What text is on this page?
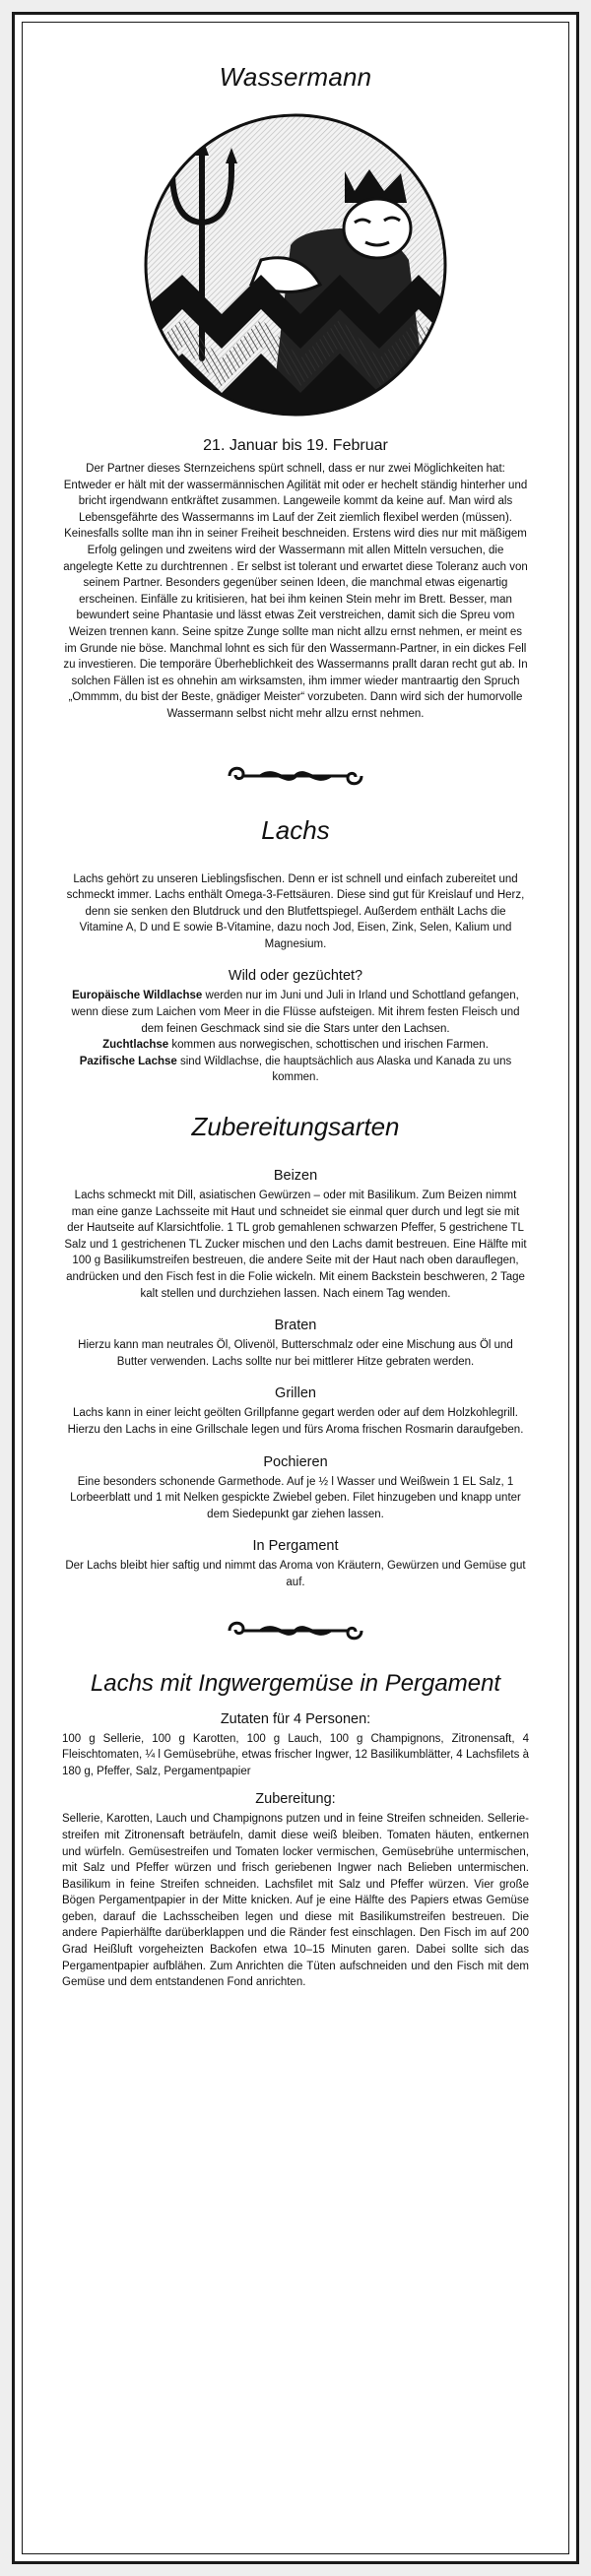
Wassermann
21. Januar bis 19. Februar

Der Partner dieses Sternzeichens spürt schnell, dass er nur zwei Möglichkeiten hat: Entweder er hält mit der wassermännischen Agilität mit oder er hechelt ständig hinterher und bricht irgendwann entkräftet zusammen. Langeweile kommt da keine auf. Man wird als Lebensgefährte des Wassermanns im Lauf der Zeit ziemlich flexibel werden (müssen). Keinesfalls sollte man ihn in seiner Freiheit beschneiden. Erstens wird dies nur mit mäßigem Erfolg gelingen und zweitens wird der Wassermann mit allen Mitteln versuchen, die angelegte Kette zu durchtrennen . Er selbst ist tolerant und erwartet diese Toleranz auch von seinem Partner. Besonders gegenüber seinen Ideen, die manchmal etwas eigenartig erscheinen. Einfälle zu kritisieren, hat bei ihm keinen Stein mehr im Brett. Besser, man bewundert seine Phantasie und lässt etwas Zeit verstreichen, damit sich die Spreu vom Weizen trennen kann. Seine spitze Zunge sollte man nicht allzu ernst nehmen, er meint es im Grunde nie böse. Manchmal lohnt es sich für den Wassermann-Partner, in ein dickes Fell zu investieren. Die temporäre Überheblichkeit des Wassermanns prallt daran recht gut ab. In solchen Fällen ist es ohnehin am wirksamsten, ihm immer wieder mantraartig den Spruch „Ommmm, du bist der Beste, gnädiger Meister“ vorzubeten. Dann wird sich der humorvolle Wassermann selbst nicht mehr allzu ernst nehmen.

Lachs

Lachs gehört zu unseren Lieblingsfischen. Denn er ist schnell und einfach zubereitet und schmeckt immer. Lachs enthält Omega-3-Fettsäuren. Diese sind gut für Kreislauf und Herz, denn sie senken den Blutdruck und den Blutfettspiegel. Außerdem enthält Lachs die Vitamine A, D und E sowie B-Vitamine, dazu noch Jod, Eisen, Zink, Selen, Kalium und Magnesium.

Wild oder gezüchtet?

Europäische Wildlachse werden nur im Juni und Juli in Irland und Schottland gefangen, wenn diese zum Laichen vom Meer in die Flüsse aufsteigen. Mit ihrem festen Fleisch und dem feinen Geschmack sind sie die Stars unter den Lachsen.

Zuchtlachse kommen aus norwegischen, schottischen und irischen Farmen.

Pazifische Lachse sind Wildlachse, die hauptsächlich aus Alaska und Kanada zu uns kommen.

Zubereitungsarten
Beizen

Lachs schmeckt mit Dill, asiatischen Gewürzen – oder mit Basilikum. Zum Beizen nimmt man eine ganze Lachsseite mit Haut und schneidet sie einmal quer durch und legt sie mit der Hautseite auf Klarsichtfolie. 1 TL grob gemahlenen schwarzen Pfeffer, 5 gestrichene TL Salz und 1 gestrichenen TL Zucker mischen und den Lachs damit bestreuen. Eine Hälfte mit 100 g Basilikumstreifen bestreuen, die andere Seite mit der Haut nach oben darauflegen, andrücken und den Fisch fest in die Folie wickeln. Mit einem Backstein beschweren, 2 Tage kalt stellen und durchziehen lassen. Nach einem Tag wenden.

Braten

Hierzu kann man neutrales Öl, Olivenöl, Butterschmalz oder eine Mischung aus Öl und Butter verwenden. Lachs sollte nur bei mittlerer Hitze gebraten werden.

Grillen

Lachs kann in einer leicht geölten Grillpfanne gegart werden oder auf dem Holzkohlegrill. Hierzu den Lachs in eine Grillschale legen und fürs Aroma frischen Rosmarin daraufgeben.

Pochieren

Eine besonders schonende Garmethode. Auf je ½ l Wasser und Weißwein 1 EL Salz, 1 Lorbeerblatt und 1 mit Nelken gespickte Zwiebel geben. Filet hinzugeben und knapp unter dem Siedepunkt gar ziehen lassen.

In Pergament

Der Lachs bleibt hier saftig und nimmt das Aroma von Kräutern, Gewürzen und Gemüse gut auf.

Lachs mit Ingwergemüse in Pergament
Zutaten für 4 Personen:

100 g Sellerie, 100 g Karotten, 100 g Lauch, 100 g Champignons, Zitronensaft, 4 Fleischtomaten, ¼ l Gemüsebrühe, etwas frischer Ingwer, 12 Basilikumblätter, 4 Lachsfilets à 180 g, Pfeffer, Salz, Pergamentpapier

Zubereitung:

Sellerie, Karotten, Lauch und Champignons putzen und in feine Streifen schneiden. Selleriestreifen mit Zitronensaft beträufeln, damit diese weiß bleiben. Tomaten häuten, entkernen und würfeln. Gemüsestreifen und Tomaten locker vermischen, Gemüsebrühe untermischen, mit Salz und Pfeffer würzen und frisch geriebenen Ingwer nach Belieben untermischen. Basilikum in feine Streifen schneiden. Lachsfilet mit Salz und Pfeffer würzen. Vier große Bögen Pergamentpapier in der Mitte knicken. Auf je eine Hälfte des Papiers etwas Gemüse geben, darauf die Lachsscheiben legen und diese mit Basilikumstreifen bestreuen. Die andere Papierhälfte darüberklappen und die Ränder fest einschlagen. Den Fisch im auf 200 Grad Heißluft vorgeheizten Backofen etwa 10–15 Minuten garen. Dabei sollte sich das Pergamentpapier aufblähen. Zum Anrichten die Tüten aufschneiden und den Fisch mit dem Gemüse und dem entstandenen Fond anrichten.
